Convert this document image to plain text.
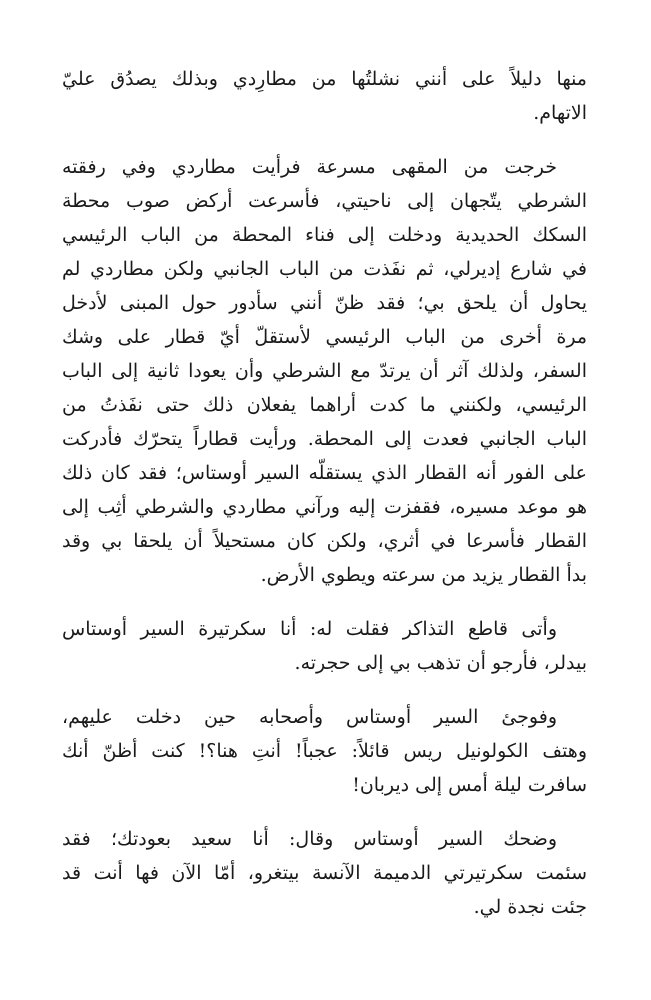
منها دليلاً على أنني نشلتُها من مطارِدي وبذلك يصدُق عليّ
الاتهام.
خرجت من المقهى مسرعة فرأيت مطاردي وفي رفقته
الشرطي يتّجهان إلى ناحيتي، فأسرعت أركض صوب محطة
السكك الحديدية ودخلت إلى فناء المحطة من الباب الرئيسي
في شارع إديرلي، ثم نفَذت من الباب الجانبي ولكن مطاردي لم
يحاول أن يلحق بي؛ فقد ظنّ أنني سأدور حول المبنى لأدخل
مرة أخرى من الباب الرئيسي لأستقلّ أيّ قطار على وشك
السفر، ولذلك آثر أن يرتدّ مع الشرطي وأن يعودا ثانية إلى الباب
الرئيسي، ولكنني ما كدت أراهما يفعلان ذلك حتى نفَذتُ من
الباب الجانبي فعدت إلى المحطة. ورأيت قطاراً يتحرّك فأدركت
على الفور أنه القطار الذي يستقلّه السير أوستاس؛ فقد كان ذلك
هو موعد مسيره، فقفزت إليه ورآني مطاردي والشرطي أثِب إلى
القطار فأسرعا في أثري، ولكن كان مستحيلاً أن يلحقا بي وقد
بدأ القطار يزيد من سرعته ويطوي الأرض.
وأتى قاطع التذاكر فقلت له: أنا سكرتيرة السير أوستاس
بيدلر، فأرجو أن تذهب بي إلى حجرته.
وفوجئ السير أوستاس وأصحابه حين دخلت عليهم،
وهتف الكولونيل ريس قائلاً: عجباً! أنتِ هنا؟! كنت أظنّ أنك
سافرت ليلة أمس إلى ديربان!
وضحك السير أوستاس وقال: أنا سعيد بعودتك؛ فقد
سئمت سكرتيرتي الدميمة الآنسة بيتغرو، أمّا الآن فها أنت قد
جئت نجدة لي.
